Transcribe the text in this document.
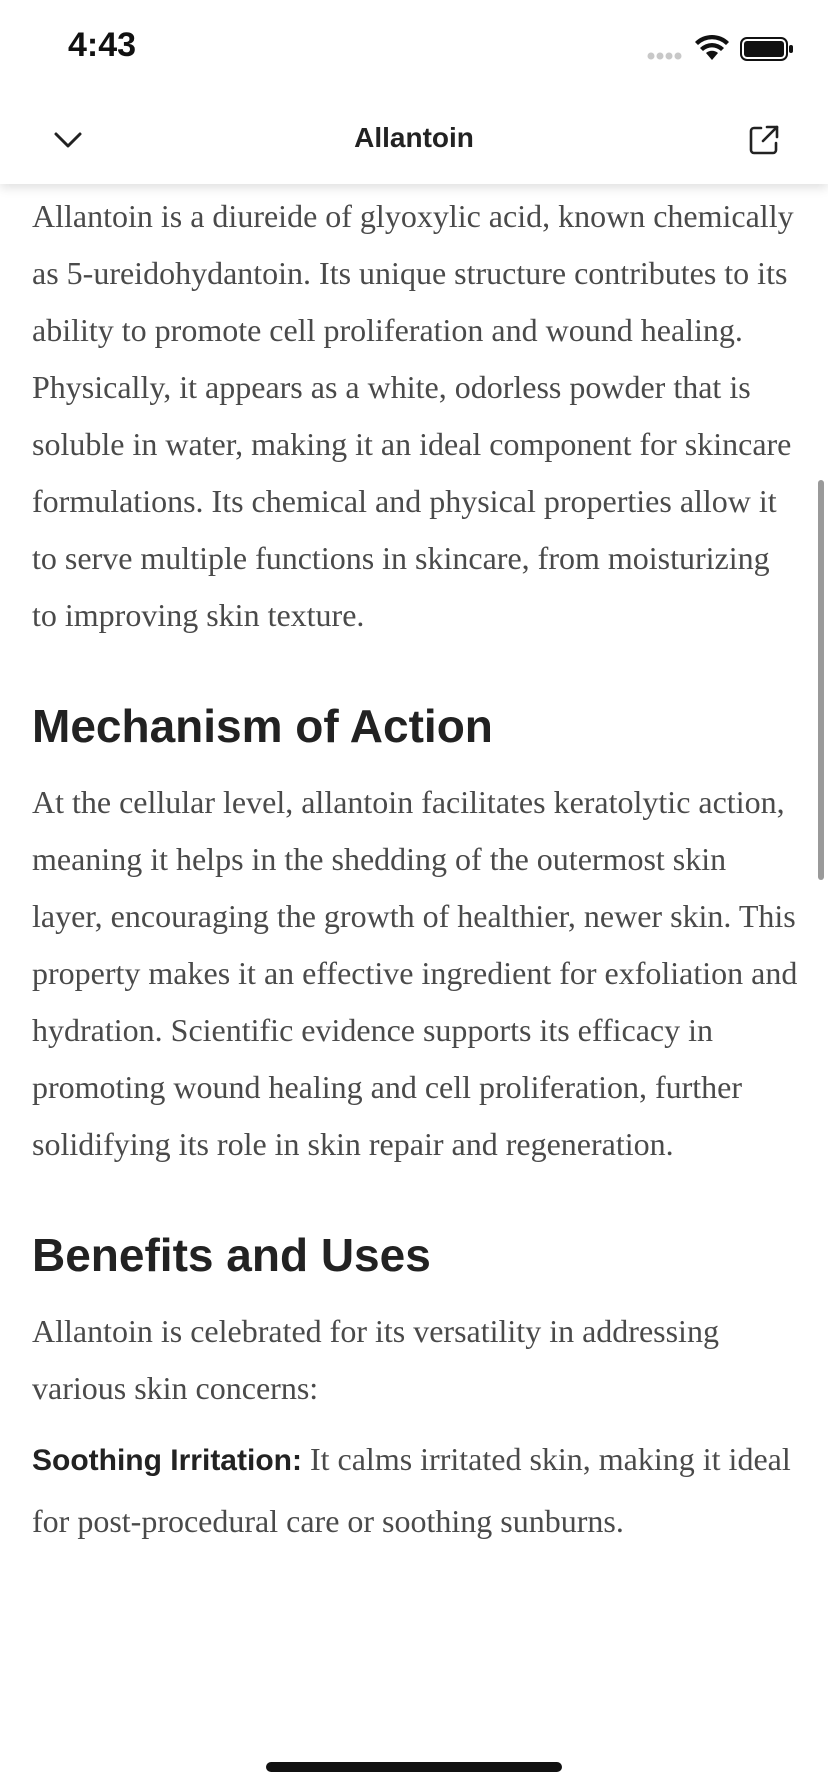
4:43
Allantoin

Allantoin is a diureide of glyoxylic acid, known chemically as 5-ureidohydantoin. Its unique structure contributes to its ability to promote cell proliferation and wound healing. Physically, it appears as a white, odorless powder that is soluble in water, making it an ideal component for skincare formulations. Its chemical and physical properties allow it to serve multiple functions in skincare, from moisturizing to improving skin texture.

Mechanism of Action

At the cellular level, allantoin facilitates keratolytic action, meaning it helps in the shedding of the outermost skin layer, encouraging the growth of healthier, newer skin. This property makes it an effective ingredient for exfoliation and hydration. Scientific evidence supports its efficacy in promoting wound healing and cell proliferation, further solidifying its role in skin repair and regeneration.

Benefits and Uses

Allantoin is celebrated for its versatility in addressing various skin concerns:

Soothing Irritation: It calms irritated skin, making it ideal for post-procedural care or soothing sunburns.
